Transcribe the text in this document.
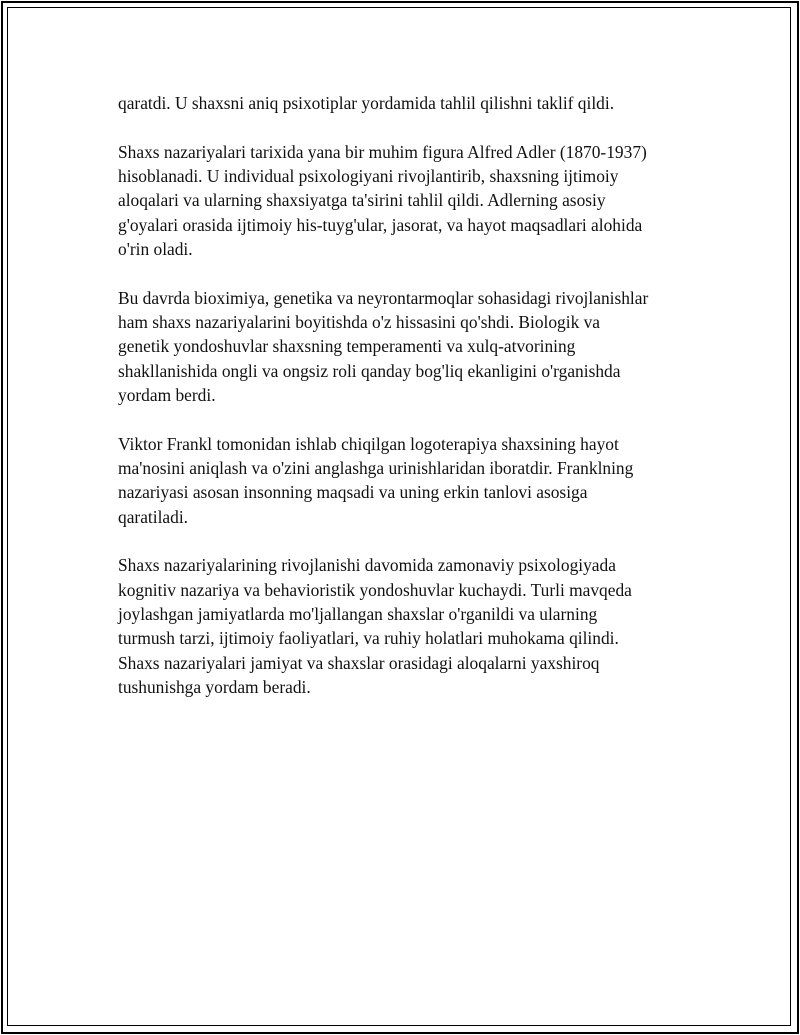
qaratdi. U shaxsni aniq psixotiplar yordamida tahlil qilishni taklif qildi.

Shaxs nazariyalari tarixida yana bir muhim figura Alfred Adler (1870-1937)
hisoblanadi. U individual psixologiyani rivojlantirib, shaxsning ijtimoiy
aloqalari va ularning shaxsiyatga ta'sirini tahlil qildi. Adlerning asosiy
g'oyalari orasida ijtimoiy his-tuyg'ular, jasorat, va hayot maqsadlari alohida
o'rin oladi.

Bu davrda bioximiya, genetika va neyrontarmoqlar sohasidagi rivojlanishlar
ham shaxs nazariyalarini boyitishda o'z hissasini qo'shdi. Biologik va
genetik yondoshuvlar shaxsning temperamenti va xulq-atvorining
shakllanishida ongli va ongsiz roli qanday bog'liq ekanligini o'rganishda
yordam berdi.

Viktor Frankl tomonidan ishlab chiqilgan logoterapiya shaxsining hayot
ma'nosini aniqlash va o'zini anglashga urinishlaridan iboratdir. Franklning
nazariyasi asosan insonning maqsadi va uning erkin tanlovi asosiga
qaratiladi.

Shaxs nazariyalarining rivojlanishi davomida zamonaviy psixologiyada
kognitiv nazariya va behavioristik yondoshuvlar kuchaydi. Turli mavqeda
joylashgan jamiyatlarda mo'ljallangan shaxslar o'rganildi va ularning
turmush tarzi, ijtimoiy faoliyatlari, va ruhiy holatlari muhokama qilindi.
Shaxs nazariyalari jamiyat va shaxslar orasidagi aloqalarni yaxshiroq
tushunishga yordam beradi.
